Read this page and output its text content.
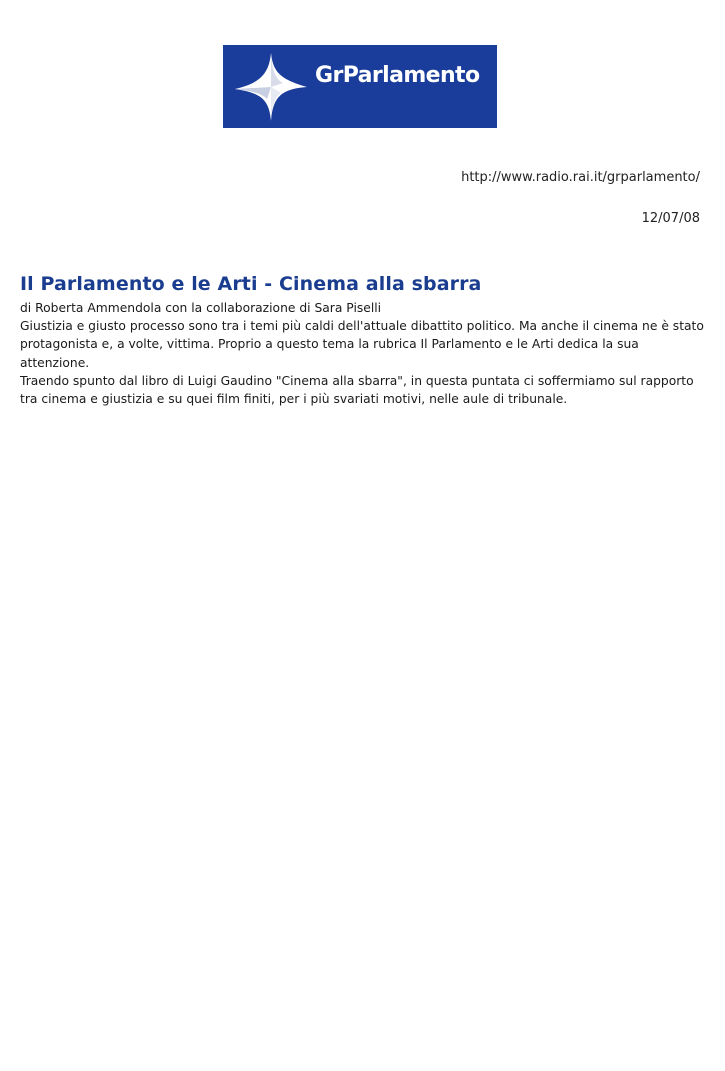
GrParlamento
http://www.radio.rai.it/grparlamento/
12/07/08
Il Parlamento e le Arti - Cinema alla sbarra

di Roberta Ammendola con la collaborazione di Sara Piselli

Giustizia e giusto processo sono tra i temi più caldi dell'attuale dibattito politico. Ma anche il cinema ne è stato protagonista e, a volte, vittima. Proprio a questo tema la rubrica Il Parlamento e le Arti dedica la sua attenzione.

Traendo spunto dal libro di Luigi Gaudino "Cinema alla sbarra", in questa puntata ci soffermiamo sul rapporto tra cinema e giustizia e su quei film finiti, per i più svariati motivi, nelle aule di tribunale.
